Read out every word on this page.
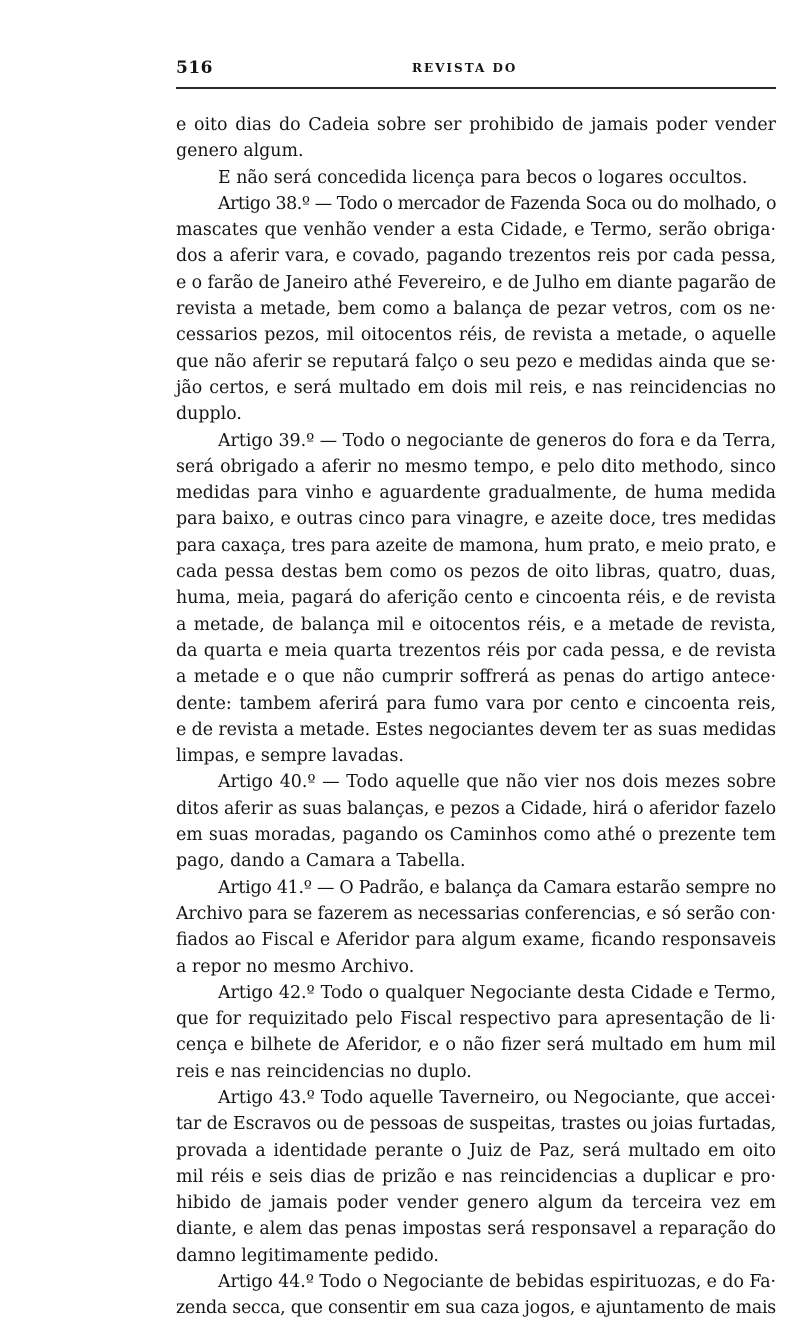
516	REVISTA DO
e oito dias do Cadeia sobre ser prohibido de jamais poder vender
genero algum.
E não será concedida licença para becos o logares occultos.
Artigo 38.º — Todo o mercador de Fazenda Soca ou do molhado, o
mascates que venhão vender a esta Cidade, e Termo, serão obriga·
dos a aferir vara, e covado, pagando trezentos reis por cada pessa,
e o farão de Janeiro athé Fevereiro, e de Julho em diante pagarão de
revista a metade, bem como a balança de pezar vetros, com os ne·
cessarios pezos, mil oitocentos réis, de revista a metade, o aquelle
que não aferir se reputará falço o seu pezo e medidas ainda que se·
jão certos, e será multado em dois mil reis, e nas reincidencias no
dupplo.
Artigo 39.º — Todo o negociante de generos do fora e da Terra,
será obrigado a aferir no mesmo tempo, e pelo dito methodo, sinco
medidas para vinho e aguardente gradualmente, de huma medida
para baixo, e outras cinco para vinagre, e azeite doce, tres medidas
para caxaça, tres para azeite de mamona, hum prato, e meio prato, e
cada pessa destas bem como os pezos de oito libras, quatro, duas,
huma, meia, pagará do aferição cento e cincoenta réis, e de revista
a metade, de balança mil e oitocentos réis, e a metade de revista,
da quarta e meia quarta trezentos réis por cada pessa, e de revista
a metade e o que não cumprir soffrerá as penas do artigo antece·
dente: tambem aferirá para fumo vara por cento e cincoenta reis,
e de revista a metade. Estes negociantes devem ter as suas medidas
limpas, e sempre lavadas.
Artigo 40.º — Todo aquelle que não vier nos dois mezes sobre
ditos aferir as suas balanças, e pezos a Cidade, hirá o aferidor fazelo
em suas moradas, pagando os Caminhos como athé o prezente tem
pago, dando a Camara a Tabella.
Artigo 41.º — O Padrão, e balança da Camara estarão sempre no
Archivo para se fazerem as necessarias conferencias, e só serão con·
fiados ao Fiscal e Aferidor para algum exame, ficando responsaveis
a repor no mesmo Archivo.
Artigo 42.º Todo o qualquer Negociante desta Cidade e Termo,
que for requizitado pelo Fiscal respectivo para apresentação de li·
cença e bilhete de Aferidor, e o não fizer será multado em hum mil
reis e nas reincidencias no duplo.
Artigo 43.º Todo aquelle Taverneiro, ou Negociante, que accei·
tar de Escravos ou de pessoas de suspeitas, trastes ou joias furtadas,
provada a identidade perante o Juiz de Paz, será multado em oito
mil réis e seis dias de prizão e nas reincidencias a duplicar e pro·
hibido de jamais poder vender genero algum da terceira vez em
diante, e alem das penas impostas será responsavel a reparação do
damno legitimamente pedido.
Artigo 44.º Todo o Negociante de bebidas espirituozas, e do Fa·
zenda secca, que consentir em sua caza jogos, e ajuntamento de mais
